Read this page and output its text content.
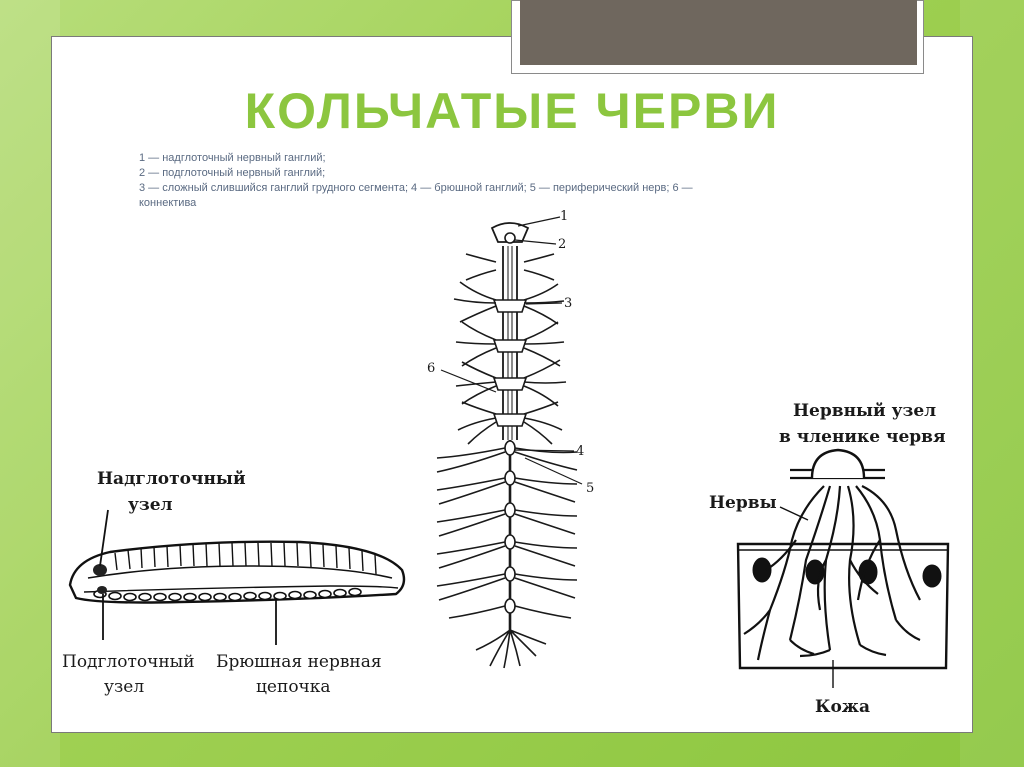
КОЛЬЧАТЫЕ ЧЕРВИ
1 — надглоточный нервный ганглий;
2 — подглоточный нервный ганглий;
3 — сложный слившийся ганглий грудного сегмента; 4 — брюшной ганглий; 5 — периферический нерв; 6 —
коннектива
Надглоточный
узел
Подглоточный
узел
Брюшная нервная
цепочка
1
2
3
6
4
5
Нервный узел
в членике червя
Нервы
Кожа
